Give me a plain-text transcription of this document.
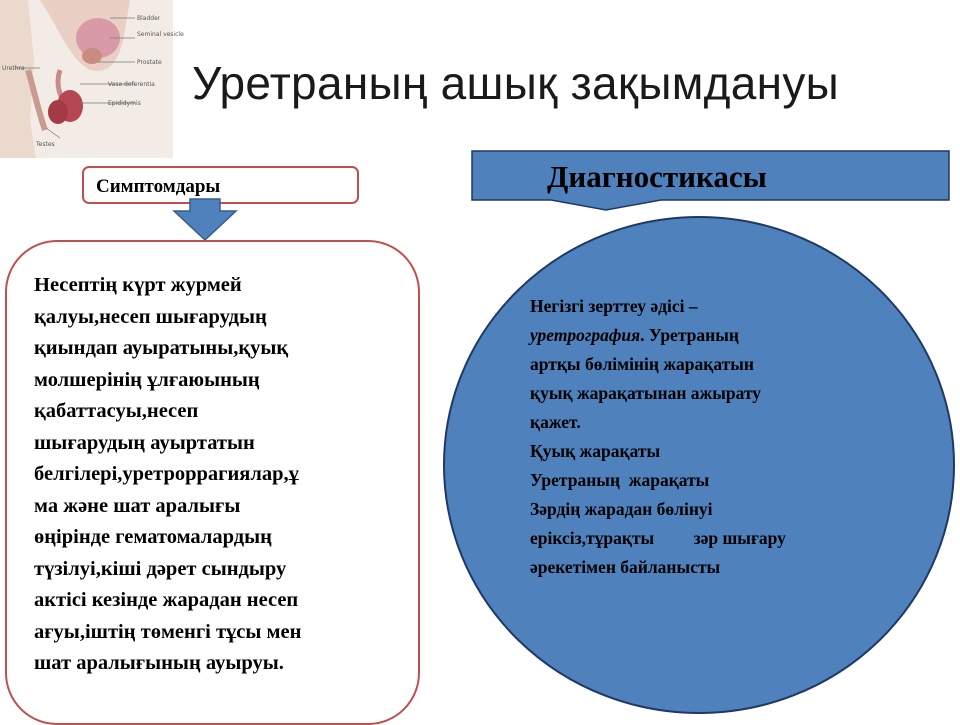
Bladder
Seminal vesicle
Prostate
Vasa deferentia
Epididymis
Urethra
Testes
Уретраның ашық зақымдануы
Симптомдары
Несептің күрт журмей
қалуы,несеп шығарудың
қиындап ауыратыны,қуық
молшерінің ұлғаюының
қабаттасуы,несеп
шығарудың ауыртатын
белгілері,уретроррагиялар,ұ
ма және шат аралығы
өңірінде гематомалардың
түзілуі,кіші дәрет сындыру
актісі кезінде жарадан несеп
ағуы,іштің төменгі тұсы мен
шат аралығының ауыруы.
Диагностикасы
Негізгі зерттеу әдісі –
уретрография. Уретраның
артқы бөлімінің жарақатын
қуық жарақатынан ажырату
қажет.
Қуық жарақаты
Уретраның  жарақаты
Зәрдің жарадан бөлінуі
еріксіз,тұрақты         зәр шығару
әрекетімен байланысты
